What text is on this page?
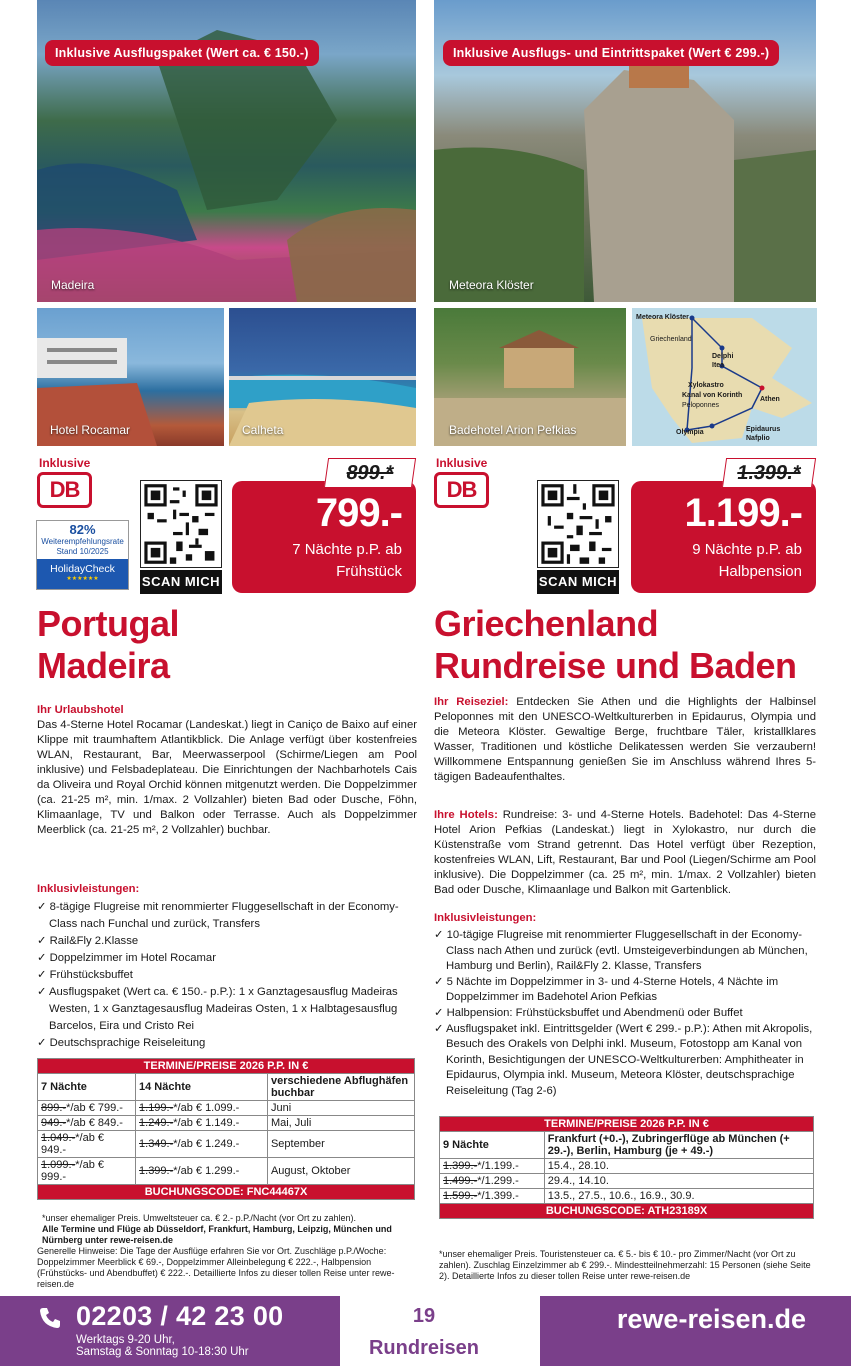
Inklusive Ausflugspaket (Wert ca. € 150.-)
Madeira
Hotel Rocamar	Calheta
Inklusive
DB
82%
Weiterempfehlungsrate
Stand 10/2025
HolidayCheck
★★★★★★	SCAN MICH
799.-
7 Nächte p.P. ab
Frühstück
899.*
Portugal
Madeira
Ihr Urlaubshotel
Das 4-Sterne Hotel Rocamar (Landeskat.) liegt in Caniço de Baixo auf einer Klippe mit traumhaftem Atlantikblick. Die Anlage verfügt über kostenfreies WLAN, Restaurant, Bar, Meerwasserpool (Schirme/Liegen am Pool inklusive) und Felsbadeplateau. Die Einrichtungen der Nachbarhotels Cais da Oliveira und Royal Orchid können mitgenutzt werden. Die Doppelzimmer (ca. 21-25 m², min. 1/max. 2 Vollzahler) bieten Bad oder Dusche, Föhn, Klimaanlage, TV und Balkon oder Terrasse. Auch als Doppelzimmer Meerblick (ca. 21-25 m², 2 Vollzahler) buchbar.
Inklusivleistungen:
✓ 8-tägige Flugreise mit renommierter Fluggesellschaft in der Economy-Class nach Funchal und zurück, Transfers
✓ Rail&Fly 2.Klasse
✓ Doppelzimmer im Hotel Rocamar
✓ Frühstücksbuffet
✓ Ausflugspaket (Wert ca. € 150.- p.P.): 1 x Ganztagesausflug Madeiras Westen, 1 x Ganztagesausflug Madeiras Osten, 1 x Halbtagesausflug Barcelos, Eira und Cristo Rei
✓ Deutschsprachige Reiseleitung
TERMINE/PREISE 2026 P.P. IN €		
7 Nächte	14 Nächte	verschiedene Abflughäfen buchbar
899.-*/ab € 799.-	1.199.-*/ab € 1.099.-	Juni
949.-*/ab € 849.-	1.249.-*/ab € 1.149.-	Mai, Juli
1.049.-*/ab € 949.-	1.349.-*/ab € 1.249.-	September
1.099.-*/ab € 999.-	1.399.-*/ab € 1.299.-	August, Oktober
BUCHUNGSCODE: FNC44467X		
*unser ehemaliger Preis. Umweltsteuer ca. € 2.- p.P./Nacht (vor Ort zu zahlen).
Alle Termine und Flüge ab Düsseldorf, Frankfurt, Hamburg, Leipzig, München und Nürnberg unter rewe-reisen.de
Generelle Hinweise: Die Tage der Ausflüge erfahren Sie vor Ort. Zuschläge p.P./Woche: Doppelzimmer Meerblick € 69.-, Doppelzimmer Alleinbelegung € 222.-, Halbpension (Frühstücks- und Abendbuffet) € 222.-. Detaillierte Infos zu dieser tollen Reise unter rewe-reisen.de
Inklusive Ausflugs- und Eintrittspaket (Wert € 299.-)
Meteora Klöster
Badehotel Arion Pefkias
Meteora Klöster
Griechenland
Delphi
Itea
Xylokastro
Kanal von Korinth
Peloponnes
Athen
Olympia	Epidaurus
Nafplio
Inklusive
DB
SCAN MICH
1.199.-
9 Nächte p.P. ab
Halbpension
1.399.*
Griechenland
Rundreise und Baden
Ihr Reiseziel: Entdecken Sie Athen und die Highlights der Halbinsel Peloponnes mit den UNESCO-Weltkulturerben in Epidaurus, Olympia und die Meteora Klöster. Gewaltige Berge, fruchtbare Täler, kristallklares Wasser, Traditionen und köstliche Delikatessen werden Sie verzaubern! Willkommene Entspannung genießen Sie im Anschluss während Ihres 5-tägigen Badeaufenthaltes.
Ihre Hotels: Rundreise: 3- und 4-Sterne Hotels. Badehotel: Das 4-Sterne Hotel Arion Pefkias (Landeskat.) liegt in Xylokastro, nur durch die Küstenstraße vom Strand getrennt. Das Hotel verfügt über Rezeption, kostenfreies WLAN, Lift, Restaurant, Bar und Pool (Liegen/Schirme am Pool inklusive). Die Doppelzimmer (ca. 25 m², min. 1/max. 2 Vollzahler) bieten Bad oder Dusche, Klimaanlage und Balkon mit Gartenblick.
Inklusivleistungen:
✓ 10-tägige Flugreise mit renommierter Fluggesellschaft in der Economy-Class nach Athen und zurück (evtl. Umsteigeverbindungen ab München, Hamburg und Berlin), Rail&Fly 2. Klasse, Transfers
✓ 5 Nächte im Doppelzimmer in 3- und 4-Sterne Hotels, 4 Nächte im Doppelzimmer im Badehotel Arion Pefkias
✓ Halbpension: Frühstücksbuffet und Abendmenü oder Buffet
✓ Ausflugspaket inkl. Eintrittsgelder (Wert € 299.- p.P.): Athen mit Akropolis, Besuch des Orakels von Delphi inkl. Museum, Fotostopp am Kanal von Korinth, Besichtigungen der UNESCO-Weltkulturerben: Amphitheater in Epidaurus, Olympia inkl. Museum, Meteora Klöster, deutschsprachige Reiseleitung (Tag 2-6)
TERMINE/PREISE 2026 P.P. IN €	
9 Nächte	Frankfurt (+0.-), Zubringerflüge ab München (+ 29.-), Berlin, Hamburg (je + 49.-)
1.399.-*/1.199.-	15.4., 28.10.
1.499.-*/1.299.-	29.4., 14.10.
1.599.-*/1.399.-	13.5., 27.5., 10.6., 16.9., 30.9.
BUCHUNGSCODE: ATH23189X	
*unser ehemaliger Preis. Touristensteuer ca. € 5.- bis € 10.- pro Zimmer/Nacht (vor Ort zu zahlen). Zuschlag Einzelzimmer ab € 299.-. Mindestteilnehmerzahl: 15 Personen (siehe Seite 2). Detaillierte Infos zu dieser tollen Reise unter rewe-reisen.de
02203 / 42 23 00
Werktags 9-20 Uhr,
Samstag & Sonntag 10-18:30 Uhr
19
Rundreisen
rewe-reisen.de
